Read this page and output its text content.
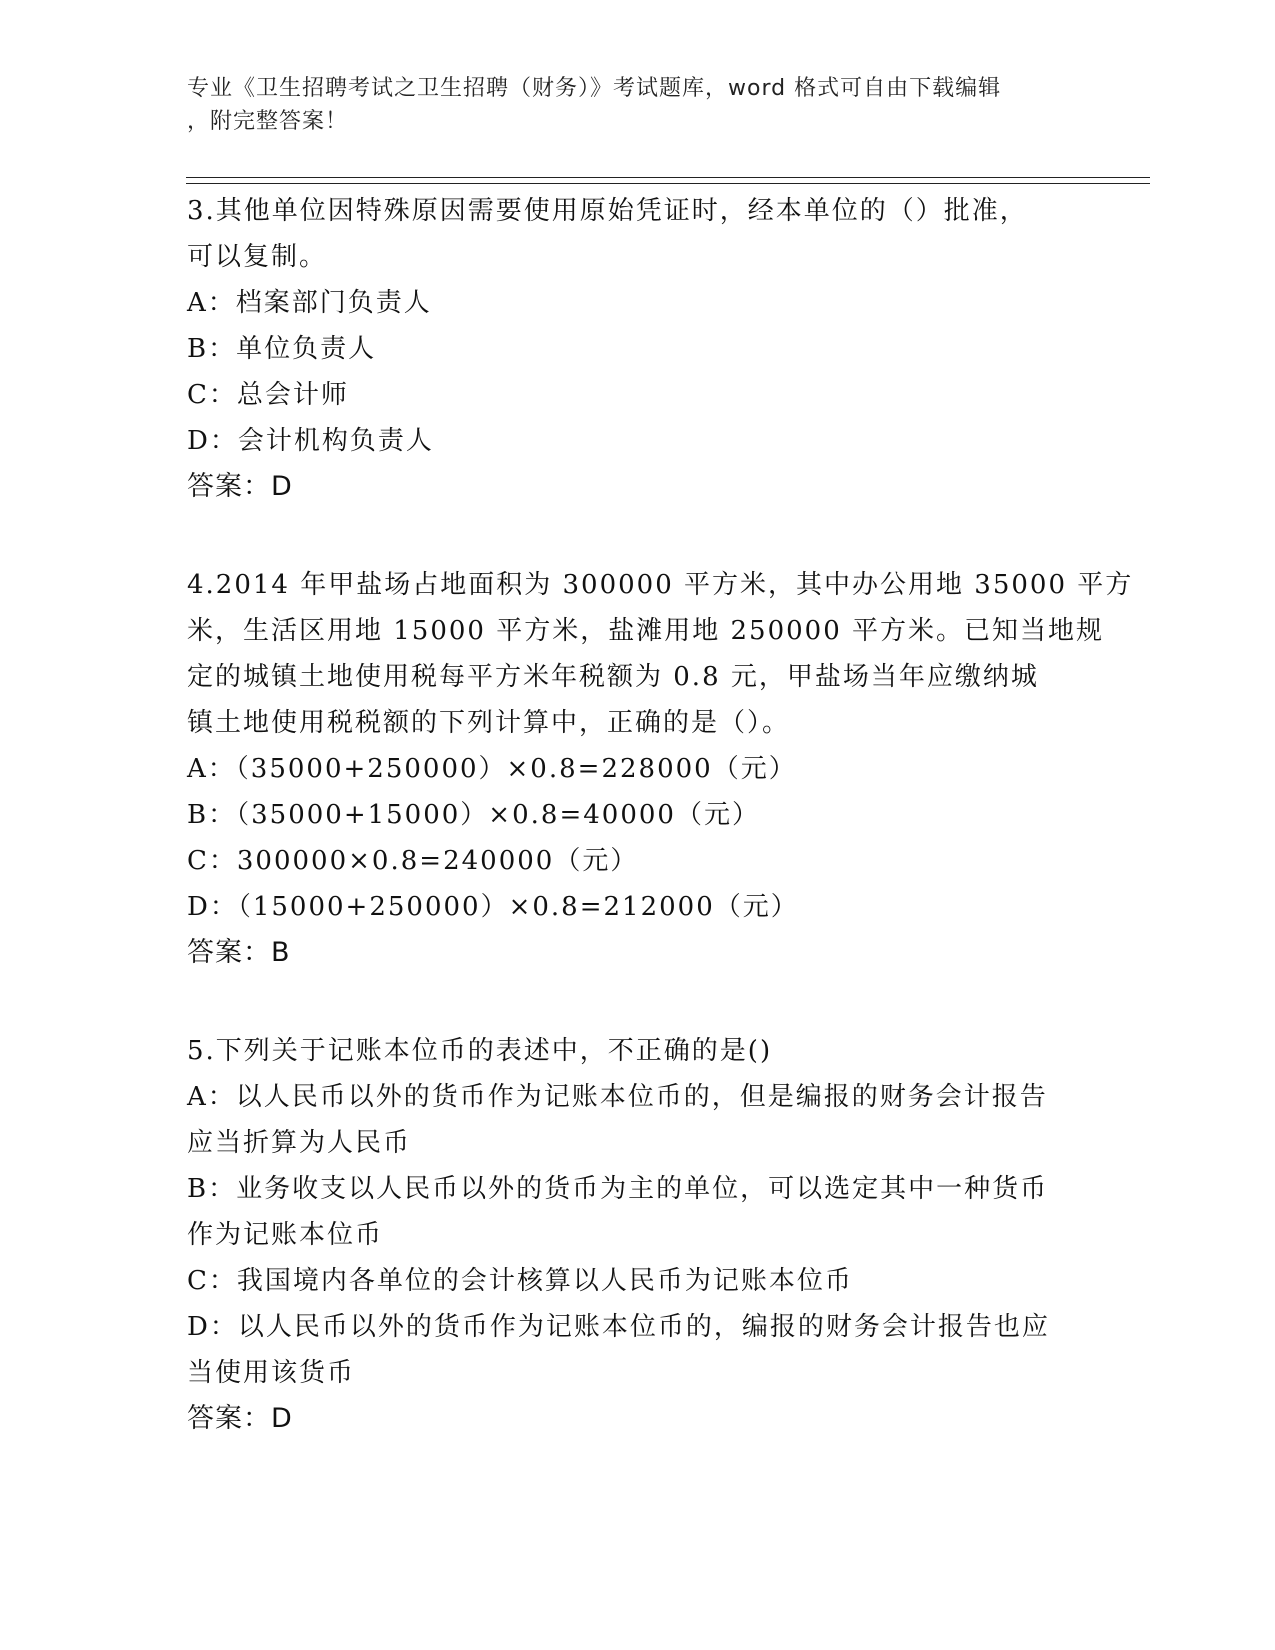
专业《卫生招聘考试之卫生招聘（财务）》考试题库，word 格式可自由下载编辑

，附完整答案！

3.其他单位因特殊原因需要使用原始凭证时，经本单位的（）批准，

可以复制。

A：档案部门负责人

B：单位负责人

C：总会计师

D：会计机构负责人

答案：D

4.2014 年甲盐场占地面积为 300000 平方米，其中办公用地 35000 平方

米，生活区用地 15000 平方米，盐滩用地 250000 平方米。已知当地规

定的城镇土地使用税每平方米年税额为 0.8 元，甲盐场当年应缴纳城

镇土地使用税税额的下列计算中，正确的是（）。

A：（35000+250000）×0.8=228000（元）

B：（35000+15000）×0.8=40000（元）

C：300000×0.8=240000（元）

D：（15000+250000）×0.8=212000（元）

答案：B

5.下列关于记账本位币的表述中，不正确的是()

A：以人民币以外的货币作为记账本位币的，但是编报的财务会计报告

应当折算为人民币

B：业务收支以人民币以外的货币为主的单位，可以选定其中一种货币

作为记账本位币

C：我国境内各单位的会计核算以人民币为记账本位币

D：以人民币以外的货币作为记账本位币的，编报的财务会计报告也应

当使用该货币

答案：D
